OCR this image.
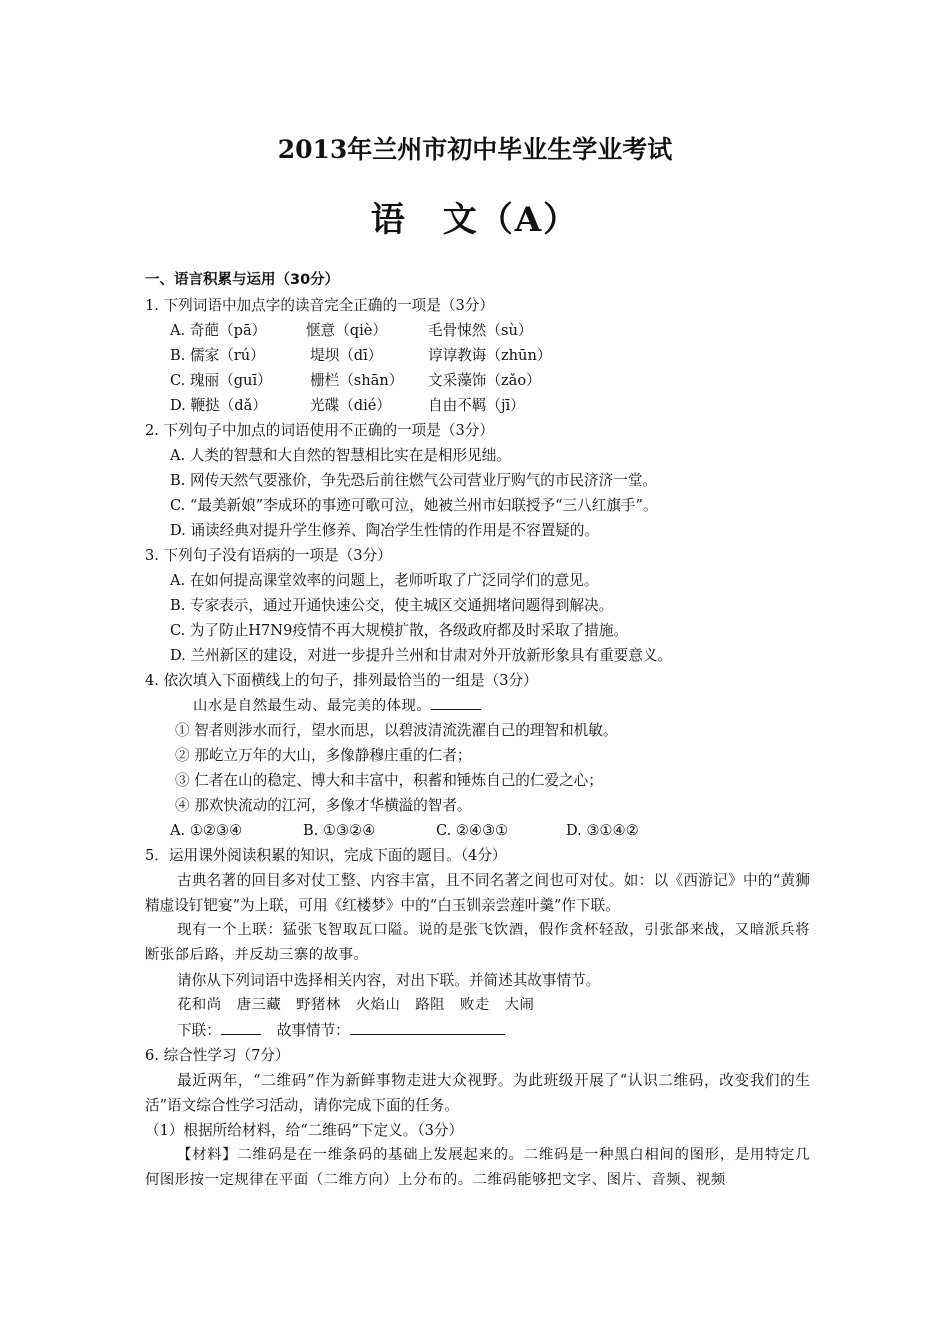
2013年兰州市初中毕业生学业考试
语　文（A）
一、语言积累与运用（30分）
1. 下列词语中加点字的读音完全正确的一项是（3分）
A. 奇葩（pā）	惬意（qiè）	毛骨悚然（sù）
B. 儒家（rú）	堤坝（dī）	谆谆教诲（zhūn）
C. 瑰丽（guī）	栅栏（shān） 文采藻饰（zǎo）
D. 鞭挞（dǎ）	光碟（dié）	自由不羁（jī）
2. 下列句子中加点的词语使用不正确的一项是（3分）
A. 人类的智慧和大自然的智慧相比实在是相形见绌。
B. 网传天然气要涨价，争先恐后前往燃气公司营业厅购气的市民济济一堂。
C. “最美新娘”李成环的事迹可歌可泣，她被兰州市妇联授予“三八红旗手”。
D. 诵读经典对提升学生修养、陶冶学生性情的作用是不容置疑的。
3. 下列句子没有语病的一项是（3分）
A. 在如何提高课堂效率的问题上，老师听取了广泛同学们的意见。
B. 专家表示，通过开通快速公交，使主城区交通拥堵问题得到解决。
C. 为了防止H7N9疫情不再大规模扩散，各级政府都及时采取了措施。
D. 兰州新区的建设，对进一步提升兰州和甘肃对外开放新形象具有重要意义。
4. 依次填入下面横线上的句子，排列最恰当的一组是（3分）
山水是自然最生动、最完美的体现。
① 智者则涉水而行，望水而思，以碧波清流洗濯自己的理智和机敏。
② 那屹立万年的大山，多像静穆庄重的仁者；
③ 仁者在山的稳定、博大和丰富中，积蓄和锤炼自己的仁爱之心；
④ 那欢快流动的江河，多像才华横溢的智者。
A. ①②③④	B. ①③②④	C. ②④③①	D. ③①④②
5．运用课外阅读积累的知识，完成下面的题目。（4分）
古典名著的回目多对仗工整、内容丰富，且不同名著之间也可对仗。如：以《西游记》中的“黄狮精虚设钉钯宴”为上联，可用《红楼梦》中的“白玉钏亲尝莲叶羹”作下联。
现有一个上联：猛张飞智取瓦口隘。说的是张飞饮酒，假作贪杯轻敌，引张郃来战，又暗派兵将断张郃后路，并反劫三寨的故事。
请你从下列词语中选择相关内容，对出下联。并简述其故事情节。
花和尚　唐三藏　野猪林　火焰山　路阻　败走　大闹
下联：	故事情节：
6. 综合性学习（7分）
最近两年，“二维码”作为新鲜事物走进大众视野。为此班级开展了“认识二维码，改变我们的生活”语文综合性学习活动，请你完成下面的任务。
（1）根据所给材料，给“二维码”下定义。（3分）
【材料】二维码是在一维条码的基础上发展起来的。二维码是一种黑白相间的图形，是用特定几何图形按一定规律在平面（二维方向）上分布的。二维码能够把文字、图片、音频、视频
